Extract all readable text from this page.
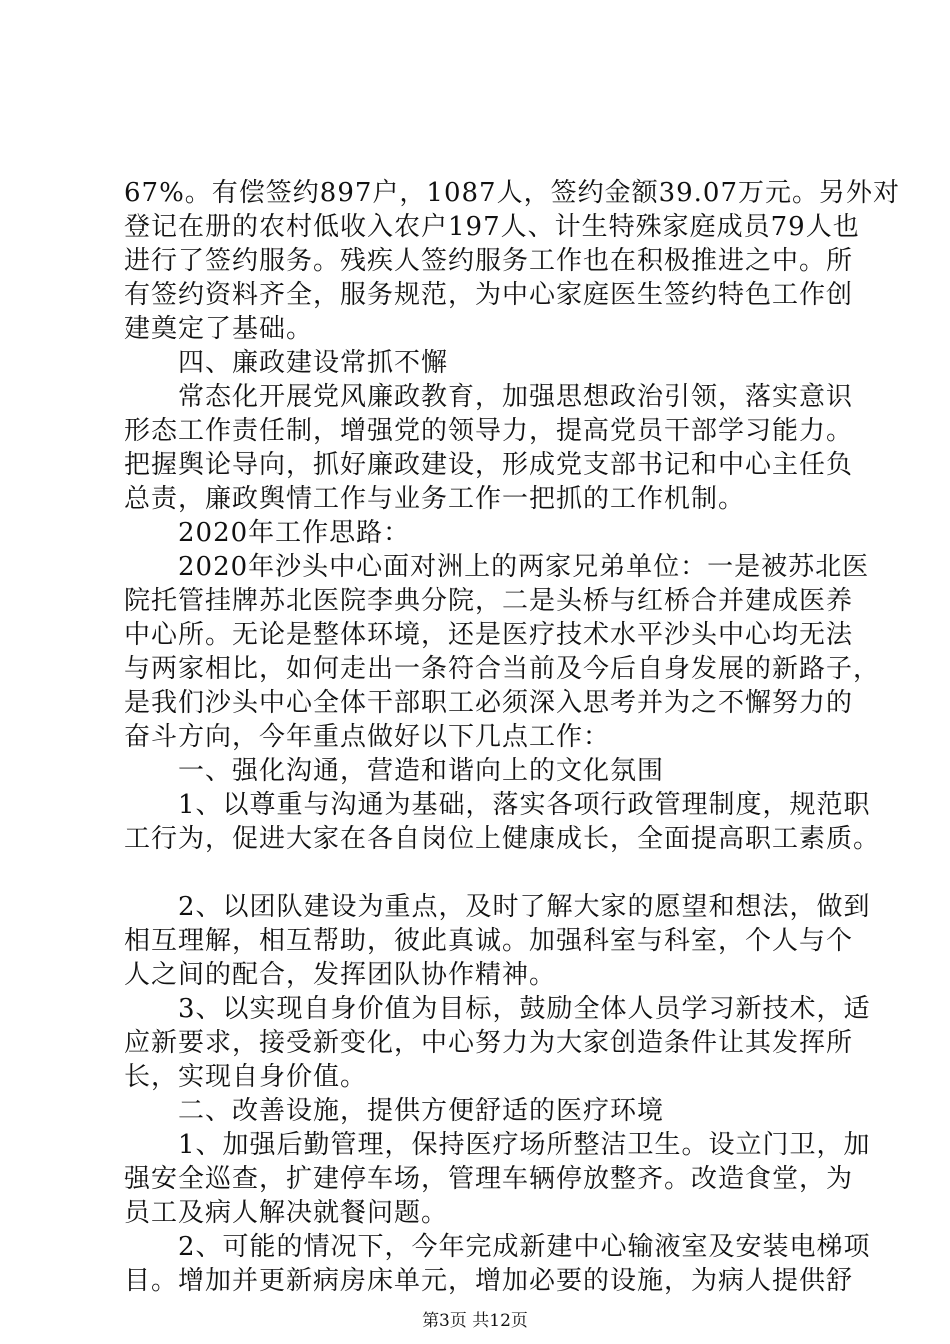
67%。有偿签约897户，1087人，签约金额39.07万元。另外对
登记在册的农村低收入农户197人、计生特殊家庭成员79人也
进行了签约服务。残疾人签约服务工作也在积极推进之中。所
有签约资料齐全，服务规范，为中心家庭医生签约特色工作创
建奠定了基础。
四、廉政建设常抓不懈
常态化开展党风廉政教育，加强思想政治引领，落实意识
形态工作责任制，增强党的领导力，提高党员干部学习能力。
把握舆论导向，抓好廉政建设，形成党支部书记和中心主任负
总责，廉政舆情工作与业务工作一把抓的工作机制。
2020年工作思路：
2020年沙头中心面对洲上的两家兄弟单位：一是被苏北医
院托管挂牌苏北医院李典分院，二是头桥与红桥合并建成医养
中心所。无论是整体环境，还是医疗技术水平沙头中心均无法
与两家相比，如何走出一条符合当前及今后自身发展的新路子，
是我们沙头中心全体干部职工必须深入思考并为之不懈努力的
奋斗方向，今年重点做好以下几点工作：
一、强化沟通，营造和谐向上的文化氛围
1、以尊重与沟通为基础，落实各项行政管理制度，规范职
工行为，促进大家在各自岗位上健康成长，全面提高职工素质。
2、以团队建设为重点，及时了解大家的愿望和想法，做到
相互理解，相互帮助，彼此真诚。加强科室与科室，个人与个
人之间的配合，发挥团队协作精神。
3、以实现自身价值为目标，鼓励全体人员学习新技术，适
应新要求，接受新变化，中心努力为大家创造条件让其发挥所
长，实现自身价值。
二、改善设施，提供方便舒适的医疗环境
1、加强后勤管理，保持医疗场所整洁卫生。设立门卫，加
强安全巡查，扩建停车场，管理车辆停放整齐。改造食堂，为
员工及病人解决就餐问题。
2、可能的情况下，今年完成新建中心输液室及安装电梯项
目。增加并更新病房床单元，增加必要的设施，为病人提供舒
第3页 共12页
